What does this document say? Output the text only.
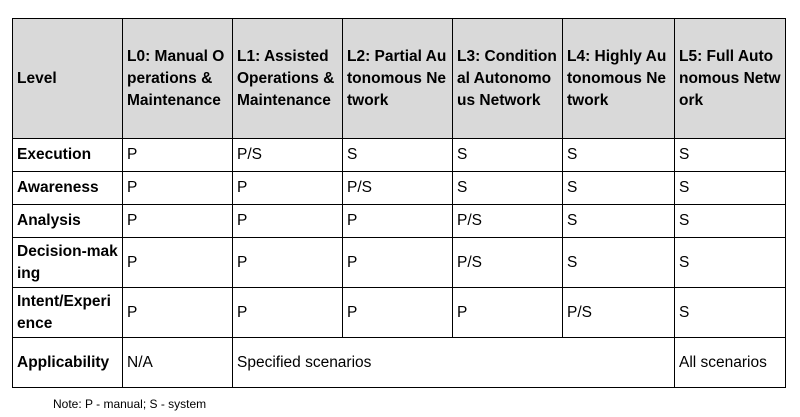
Level	L0: Manual Operations & Maintenance	L1: Assisted Operations & Maintenance	L2: Partial Autonomous Network	L3: Conditional Autonomous Network	L4: Highly Autonomous Network	L5: Full Autonomous Network
Execution	P	P/S	S	S	S	S
Awareness	P	P	P/S	S	S	S
Analysis	P	P	P	P/S	S	S
Decision-making	P	P	P	P/S	S	S
Intent/Experience	P	P	P	P	P/S	S
Applicability	N/A	Specified scenarios				All scenarios
Note: P - manual; S - system
